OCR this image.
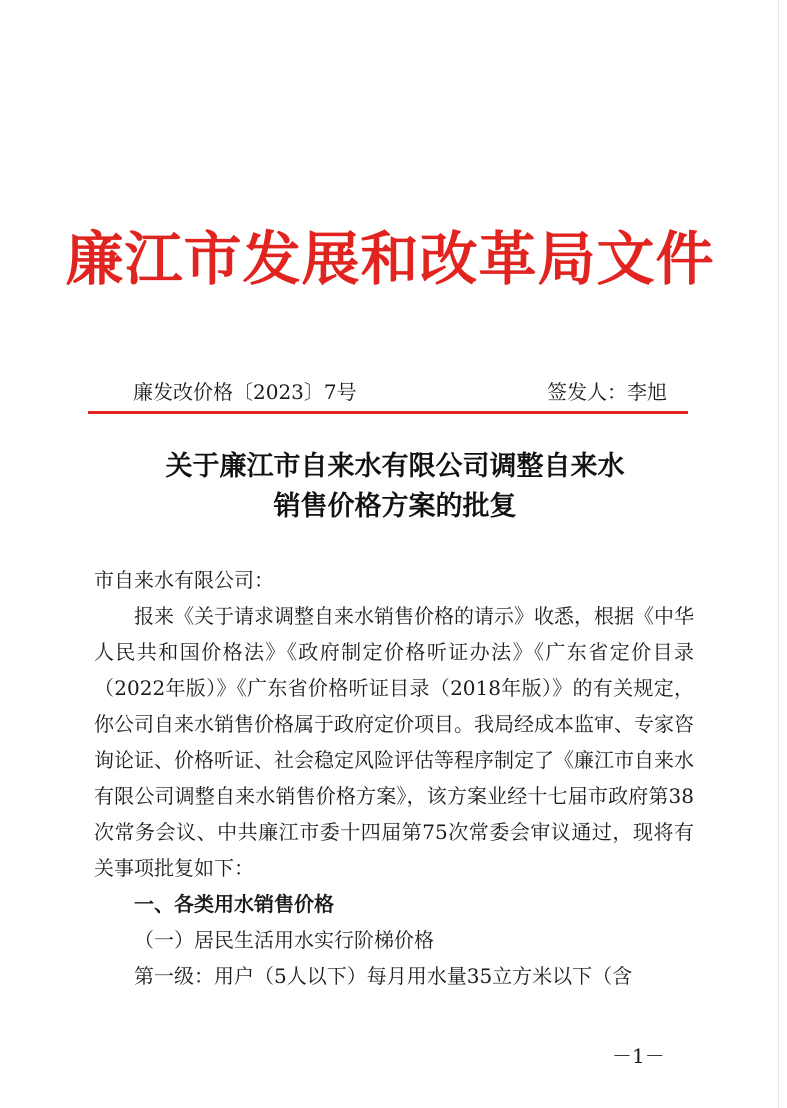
廉江市发展和改革局文件
廉发改价格〔2023〕7号	签发人：李旭
关于廉江市自来水有限公司调整自来水
销售价格方案的批复

市自来水有限公司：

报来《关于请求调整自来水销售价格的请示》收悉，根据《中华人民共和国价格法》《政府制定价格听证办法》《广东省定价目录（2022年版）》《广东省价格听证目录（2018年版）》的有关规定，你公司自来水销售价格属于政府定价项目。我局经成本监审、专家咨询论证、价格听证、社会稳定风险评估等程序制定了《廉江市自来水有限公司调整自来水销售价格方案》，该方案业经十七届市政府第38次常务会议、中共廉江市委十四届第75次常委会审议通过，现将有关事项批复如下：

一、各类用水销售价格

（一）居民生活用水实行阶梯价格

第一级：用户（5人以下）每月用水量35立方米以下（含

－1－
